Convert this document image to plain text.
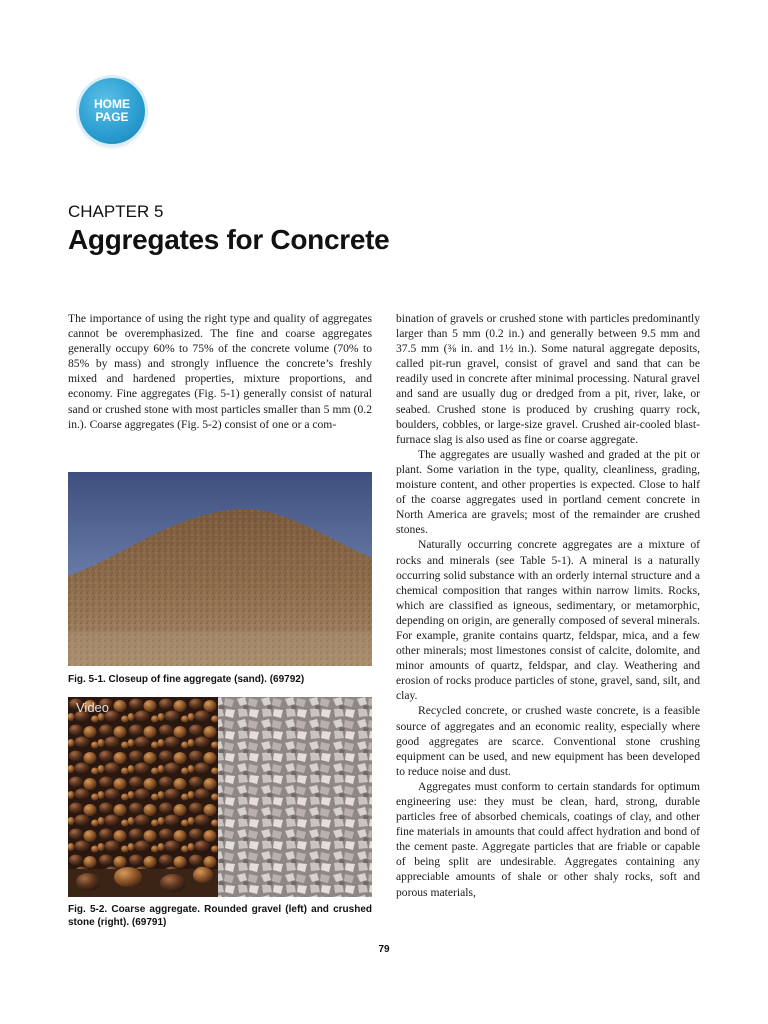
HOME
PAGE
CHAPTER 5
Aggregates for Concrete

The importance of using the right type and quality of aggregates cannot be overemphasized. The fine and coarse aggregates generally occupy 60% to 75% of the concrete volume (70% to 85% by mass) and strongly influence the concrete’s freshly mixed and hardened properties, mixture proportions, and economy. Fine aggregates (Fig. 5-1) generally consist of natural sand or crushed stone with most particles smaller than 5 mm (0.2 in.). Coarse aggregates (Fig. 5-2) consist of one or a com-

Fig. 5-1. Closeup of fine aggregate (sand). (69792)
Video
Fig. 5-2. Coarse aggregate. Rounded gravel (left) and crushed stone (right). (69791)

bination of gravels or crushed stone with particles predominantly larger than 5 mm (0.2 in.) and generally between 9.5 mm and 37.5 mm (⅜ in. and 1½ in.). Some natural aggregate deposits, called pit-run gravel, consist of gravel and sand that can be readily used in concrete after minimal processing. Natural gravel and sand are usually dug or dredged from a pit, river, lake, or seabed. Crushed stone is produced by crushing quarry rock, boulders, cobbles, or large-size gravel. Crushed air-cooled blast-furnace slag is also used as fine or coarse aggregate.

The aggregates are usually washed and graded at the pit or plant. Some variation in the type, quality, cleanliness, grading, moisture content, and other properties is expected. Close to half of the coarse aggregates used in portland cement concrete in North America are gravels; most of the remainder are crushed stones.

Naturally occurring concrete aggregates are a mixture of rocks and minerals (see Table 5-1). A mineral is a naturally occurring solid substance with an orderly internal structure and a chemical composition that ranges within narrow limits. Rocks, which are classified as igneous, sedimentary, or metamorphic, depending on origin, are generally composed of several minerals. For example, granite contains quartz, feldspar, mica, and a few other minerals; most limestones consist of calcite, dolomite, and minor amounts of quartz, feldspar, and clay. Weathering and erosion of rocks produce particles of stone, gravel, sand, silt, and clay.

Recycled concrete, or crushed waste concrete, is a feasible source of aggregates and an economic reality, especially where good aggregates are scarce. Conventional stone crushing equipment can be used, and new equipment has been developed to reduce noise and dust.

Aggregates must conform to certain standards for optimum engineering use: they must be clean, hard, strong, durable particles free of absorbed chemicals, coatings of clay, and other fine materials in amounts that could affect hydration and bond of the cement paste. Aggregate particles that are friable or capable of being split are undesirable. Aggregates containing any appreciable amounts of shale or other shaly rocks, soft and porous materials,

79
